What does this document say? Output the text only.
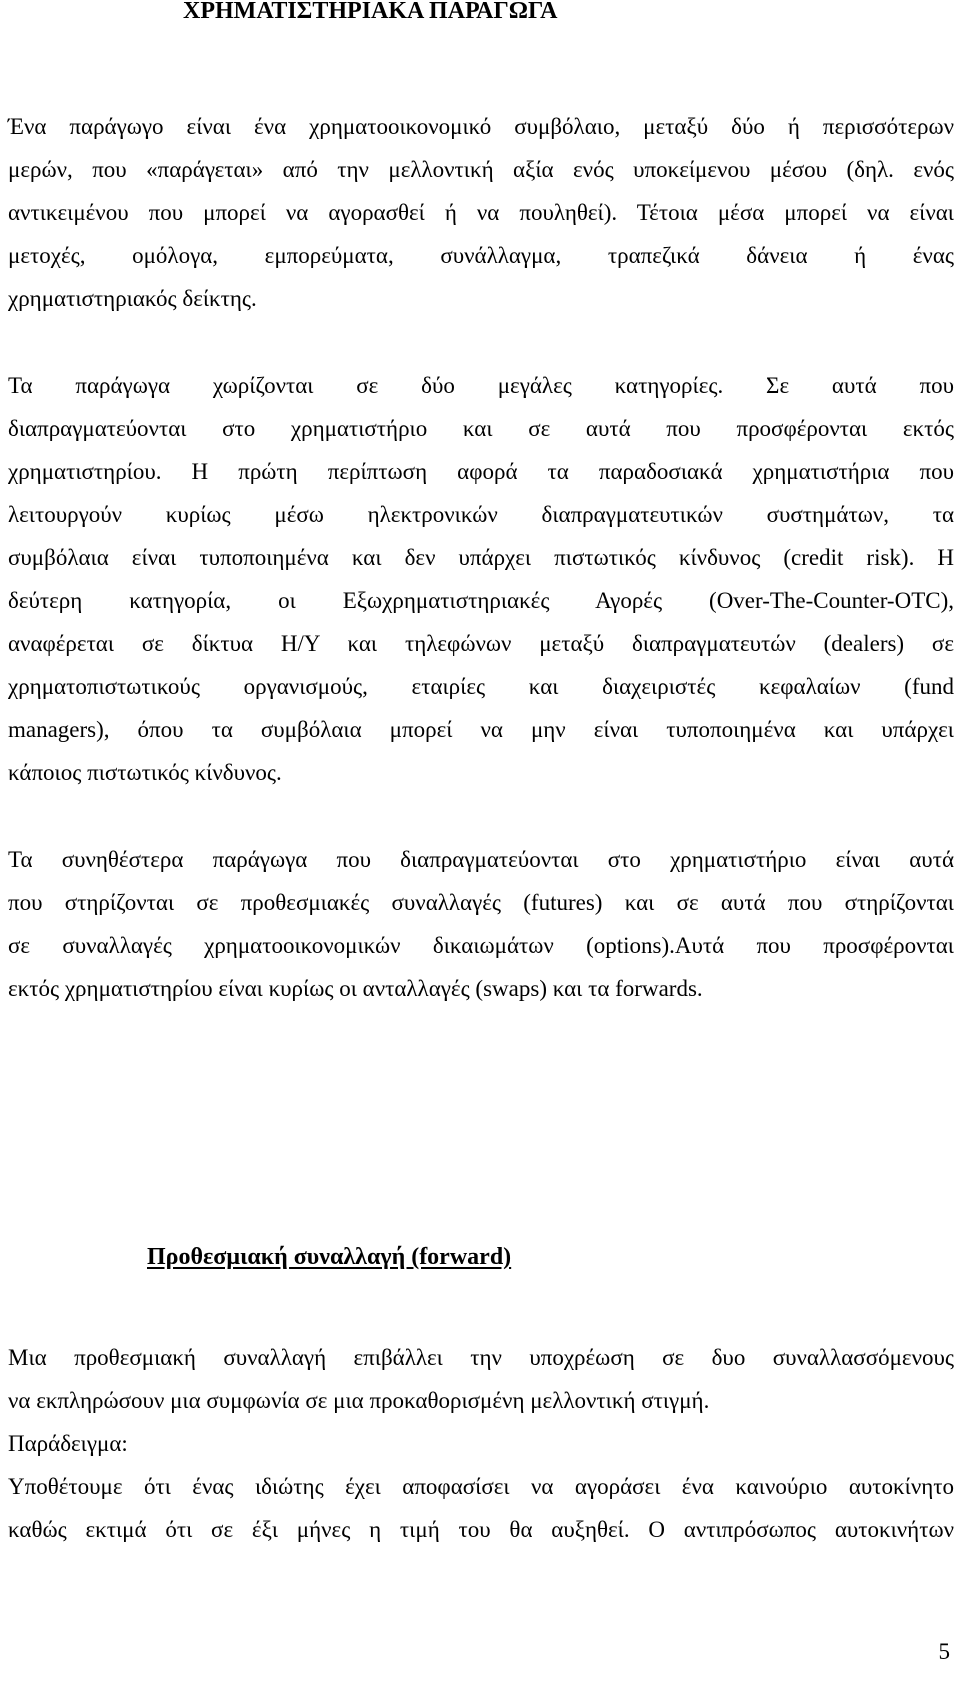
ΧΡΗΜΑΤΙΣΤΗΡΙΑΚΑ ΠΑΡΑΓΩΓΑ

Ένα παράγωγο είναι ένα χρηματοοικονομικό συμβόλαιο, μεταξύ δύο ή περισσότερων
μερών, που «παράγεται» από την μελλοντική αξία ενός υποκείμενου μέσου (δηλ. ενός
αντικειμένου που μπορεί να αγορασθεί ή να πουληθεί). Τέτοια μέσα μπορεί να είναι
μετοχές, ομόλογα, εμπορεύματα, συνάλλαγμα, τραπεζικά δάνεια ή ένας
χρηματιστηριακός δείκτης.

Τα παράγωγα χωρίζονται σε δύο μεγάλες κατηγορίες. Σε αυτά που
διαπραγματεύονται στο χρηματιστήριο και σε αυτά που προσφέρονται εκτός
χρηματιστηρίου. Η πρώτη περίπτωση αφορά τα παραδοσιακά χρηματιστήρια που
λειτουργούν κυρίως μέσω ηλεκτρονικών διαπραγματευτικών συστημάτων, τα
συμβόλαια είναι τυποποιημένα και δεν υπάρχει πιστωτικός κίνδυνος (credit risk). Η
δεύτερη κατηγορία, οι Εξωχρηματιστηριακές Αγορές (Over-The-Counter-OTC),
αναφέρεται σε δίκτυα Η/Υ και τηλεφώνων μεταξύ διαπραγματευτών (dealers) σε
χρηματοπιστωτικούς οργανισμούς, εταιρίες και διαχειριστές κεφαλαίων (fund
managers), όπου τα συμβόλαια μπορεί να μην είναι τυποποιημένα και υπάρχει
κάποιος πιστωτικός κίνδυνος.

Τα συνηθέστερα παράγωγα που διαπραγματεύονται στο χρηματιστήριο είναι αυτά
που στηρίζονται σε προθεσμιακές συναλλαγές (futures) και σε αυτά που στηρίζονται
σε συναλλαγές χρηματοοικονομικών δικαιωμάτων (options).Αυτά που προσφέρονται
εκτός χρηματιστηρίου είναι κυρίως οι ανταλλαγές (swaps) και τα forwards.

Προθεσμιακή συναλλαγή (forward)

Μια προθεσμιακή συναλλαγή επιβάλλει την υποχρέωση σε δυο συναλλασσόμενους
να εκπληρώσουν μια συμφωνία σε μια προκαθορισμένη μελλοντική στιγμή.

Παράδειγμα:

Υποθέτουμε ότι ένας ιδιώτης έχει αποφασίσει να αγοράσει ένα καινούριο αυτοκίνητο
καθώς εκτιμά ότι σε έξι μήνες η τιμή του θα αυξηθεί. Ο αντιπρόσωπος αυτοκινήτων

5
